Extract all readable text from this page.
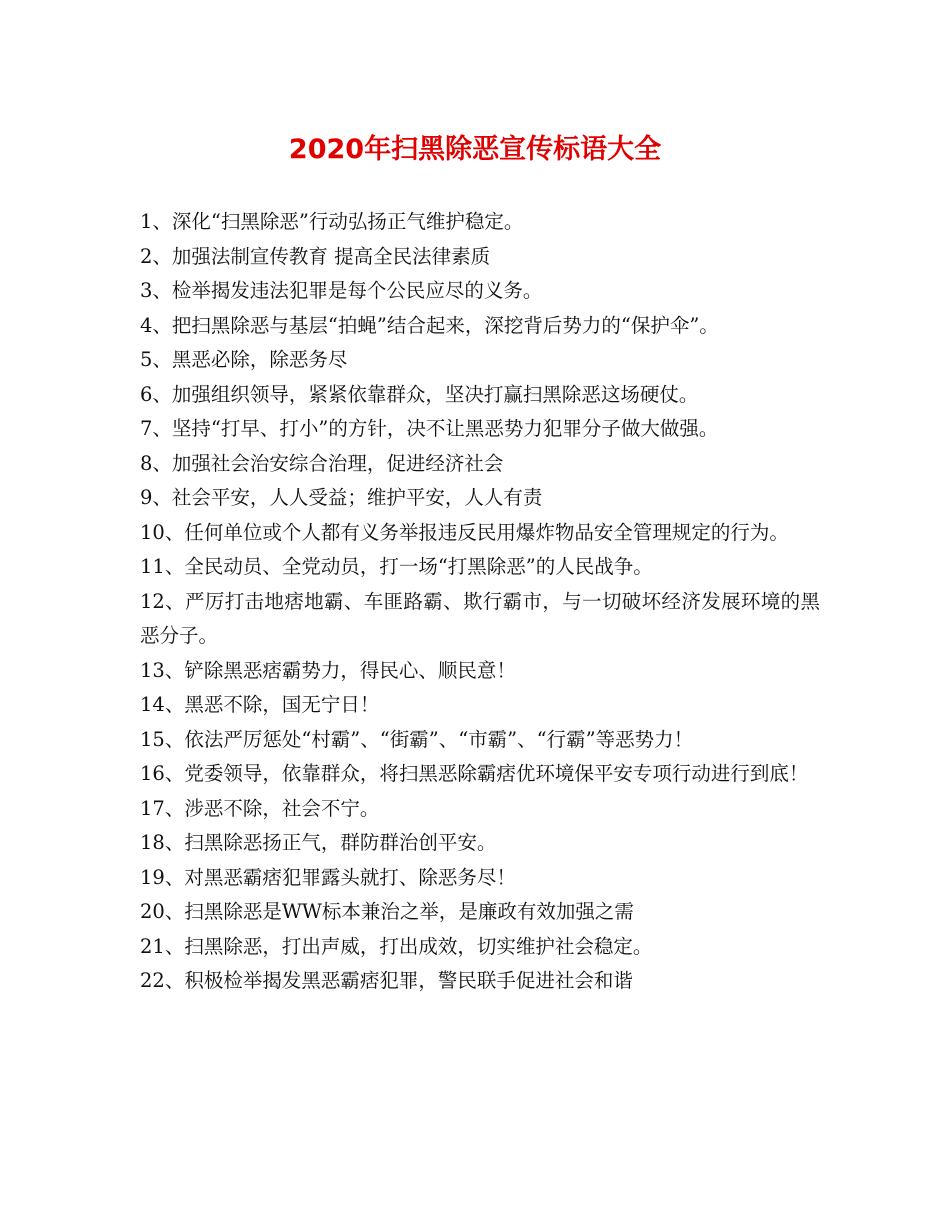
2020年扫黑除恶宣传标语大全
1、深化“扫黑除恶”行动弘扬正气维护稳定。
2、加强法制宣传教育 提高全民法律素质
3、检举揭发违法犯罪是每个公民应尽的义务。
4、把扫黑除恶与基层“拍蝇”结合起来，深挖背后势力的“保护伞”。
5、黑恶必除，除恶务尽
6、加强组织领导，紧紧依靠群众，坚决打赢扫黑除恶这场硬仗。
7、坚持“打早、打小”的方针，决不让黑恶势力犯罪分子做大做强。
8、加强社会治安综合治理，促进经济社会
9、社会平安，人人受益；维护平安，人人有责
10、任何单位或个人都有义务举报违反民用爆炸物品安全管理规定的行为。
11、全民动员、全党动员，打一场“打黑除恶”的人民战争。
12、严厉打击地痞地霸、车匪路霸、欺行霸市，与一切破坏经济发展环境的黑恶分子。
13、铲除黑恶痞霸势力，得民心、顺民意！
14、黑恶不除，国无宁日！
15、依法严厉惩处“村霸”、“街霸”、“市霸”、“行霸”等恶势力！
16、党委领导，依靠群众，将扫黑恶除霸痞优环境保平安专项行动进行到底！
17、涉恶不除，社会不宁。
18、扫黑除恶扬正气，群防群治创平安。
19、对黑恶霸痞犯罪露头就打、除恶务尽！
20、扫黑除恶是WW标本兼治之举，是廉政有效加强之需
21、扫黑除恶，打出声威，打出成效，切实维护社会稳定。
22、积极检举揭发黑恶霸痞犯罪，警民联手促进社会和谐
